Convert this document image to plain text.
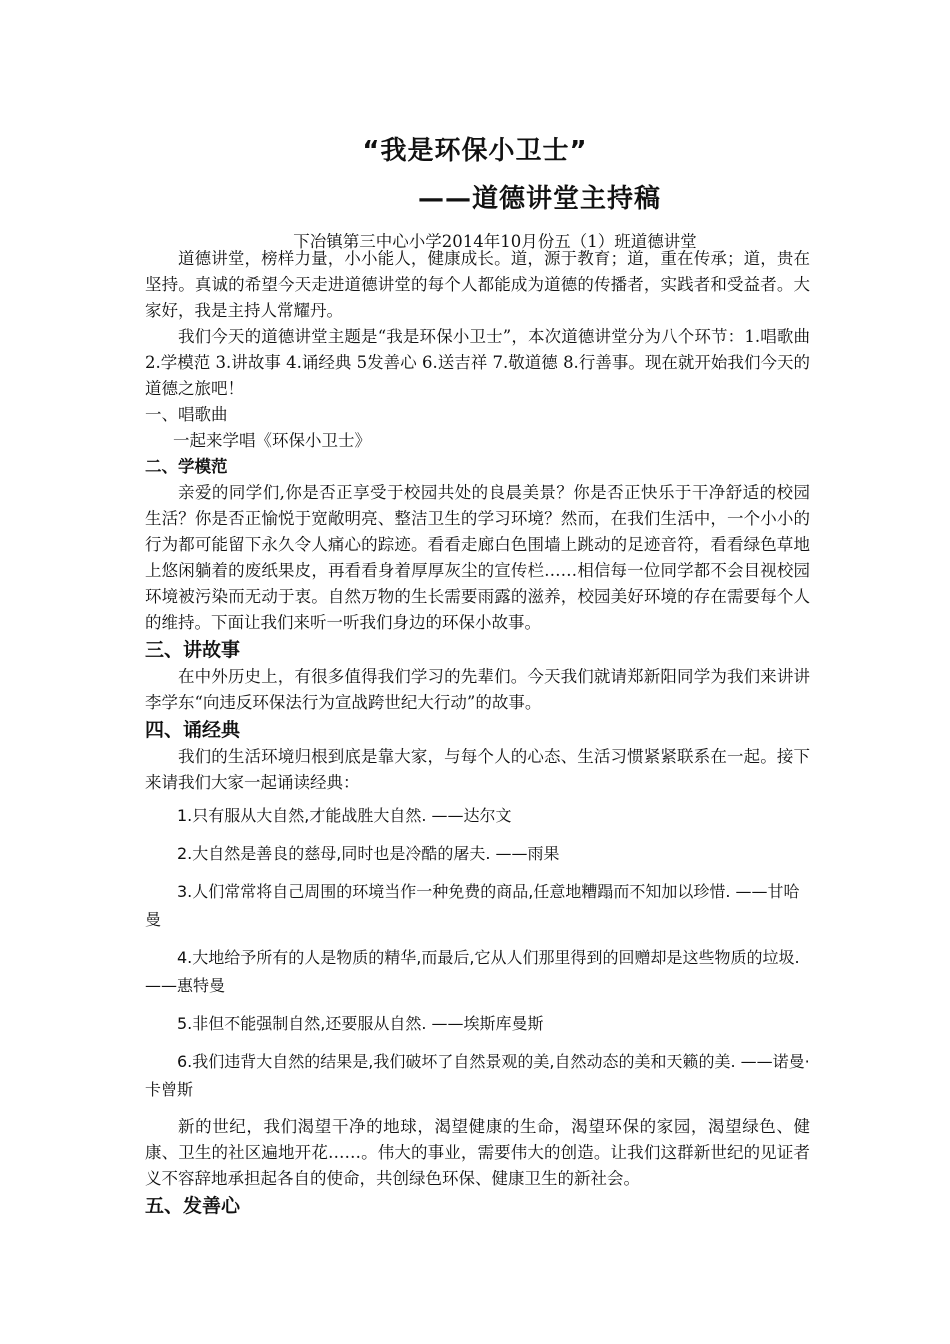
“我是环保小卫士”
——道德讲堂主持稿
下冶镇第三中心小学2014年10月份五（1）班道德讲堂

道德讲堂，榜样力量，小小能人，健康成长。道，源于教育；道，重在传承；道，贵在坚持。真诚的希望今天走进道德讲堂的每个人都能成为道德的传播者，实践者和受益者。大家好，我是主持人常耀丹。

我们今天的道德讲堂主题是“我是环保小卫士”，本次道德讲堂分为八个环节：1.唱歌曲 2.学模范 3.讲故事 4.诵经典 5发善心 6.送吉祥 7.敬道德 8.行善事。现在就开始我们今天的道德之旅吧！

一、唱歌曲

一起来学唱《环保小卫士》

二、学模范

亲爱的同学们,你是否正享受于校园共处的良晨美景？你是否正快乐于干净舒适的校园生活？你是否正愉悦于宽敞明亮、整洁卫生的学习环境？然而，在我们生活中，一个小小的行为都可能留下永久令人痛心的踪迹。看看走廊白色围墙上跳动的足迹音符，看看绿色草地上悠闲躺着的废纸果皮，再看看身着厚厚灰尘的宣传栏……相信每一位同学都不会目视校园环境被污染而无动于衷。自然万物的生长需要雨露的滋养，校园美好环境的存在需要每个人的维持。下面让我们来听一听我们身边的环保小故事。

三、讲故事

在中外历史上，有很多值得我们学习的先辈们。今天我们就请郑新阳同学为我们来讲讲李学东“向违反环保法行为宣战跨世纪大行动”的故事。

四、诵经典

我们的生活环境归根到底是靠大家，与每个人的心态、生活习惯紧紧联系在一起。接下来请我们大家一起诵读经典：

1.只有服从大自然,才能战胜大自然. ——达尔文

2.大自然是善良的慈母,同时也是冷酷的屠夫. ——雨果

3.人们常常将自己周围的环境当作一种免费的商品,任意地糟蹋而不知加以珍惜. ——甘哈曼

4.大地给予所有的人是物质的精华,而最后,它从人们那里得到的回赠却是这些物质的垃圾. ——惠特曼

5.非但不能强制自然,还要服从自然. ——埃斯库曼斯

6.我们违背大自然的结果是,我们破坏了自然景观的美,自然动态的美和天籁的美. ——诺曼·卡曾斯

新的世纪，我们渴望干净的地球，渴望健康的生命，渴望环保的家园，渴望绿色、健康、卫生的社区遍地开花……。伟大的事业，需要伟大的创造。让我们这群新世纪的见证者义不容辞地承担起各自的使命，共创绿色环保、健康卫生的新社会。

五、发善心
